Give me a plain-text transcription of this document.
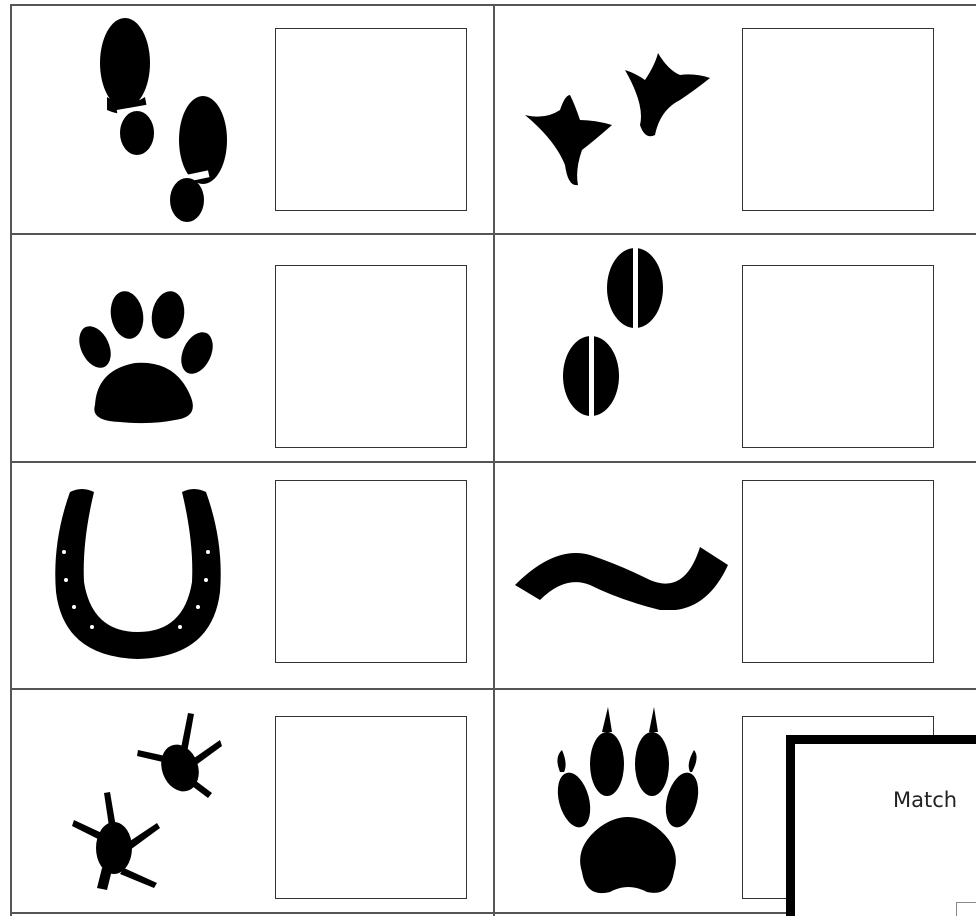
Match
